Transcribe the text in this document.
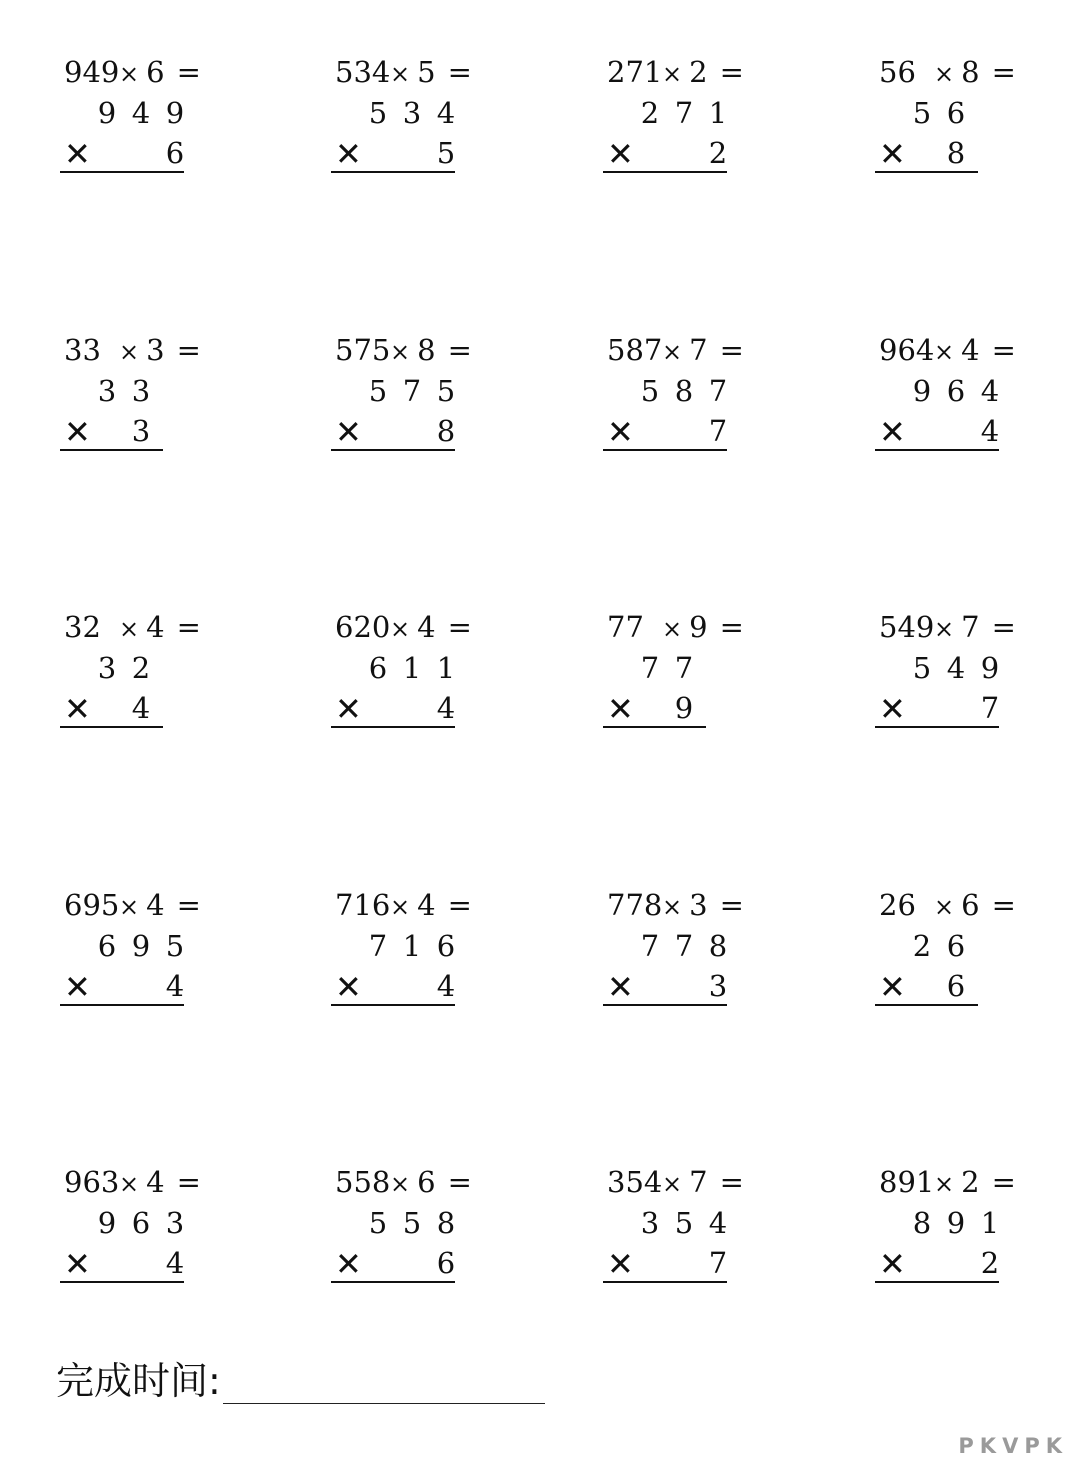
949× 6 =
9 4 9
✕	6
534× 5 =
5 3 4
✕	5
271× 2 =
2 7 1
✕	2
56 × 8 =
5 6
✕ 8
33 × 3 =
3 3
✕ 3
575× 8 =
5 7 5
✕	8
587× 7 =
5 8 7
✕	7
964× 4 =
9 6 4
✕	4
32 × 4 =
3 2
✕ 4
620× 4 =
6 1 1
✕	4
77 × 9 =
7 7
✕ 9
549× 7 =
5 4 9
✕	7
695× 4 =
6 9 5
✕	4
716× 4 =
7 1 6
✕	4
778× 3 =
7 7 8
✕	3
26 × 6 =
2 6
✕ 6
963× 4 =
9 6 3
✕	4
558× 6 =
5 5 8
✕	6
354× 7 =
3 5 4
✕	7
891× 2 =
8 9 1
✕	2
完成时间:
PKVPK
